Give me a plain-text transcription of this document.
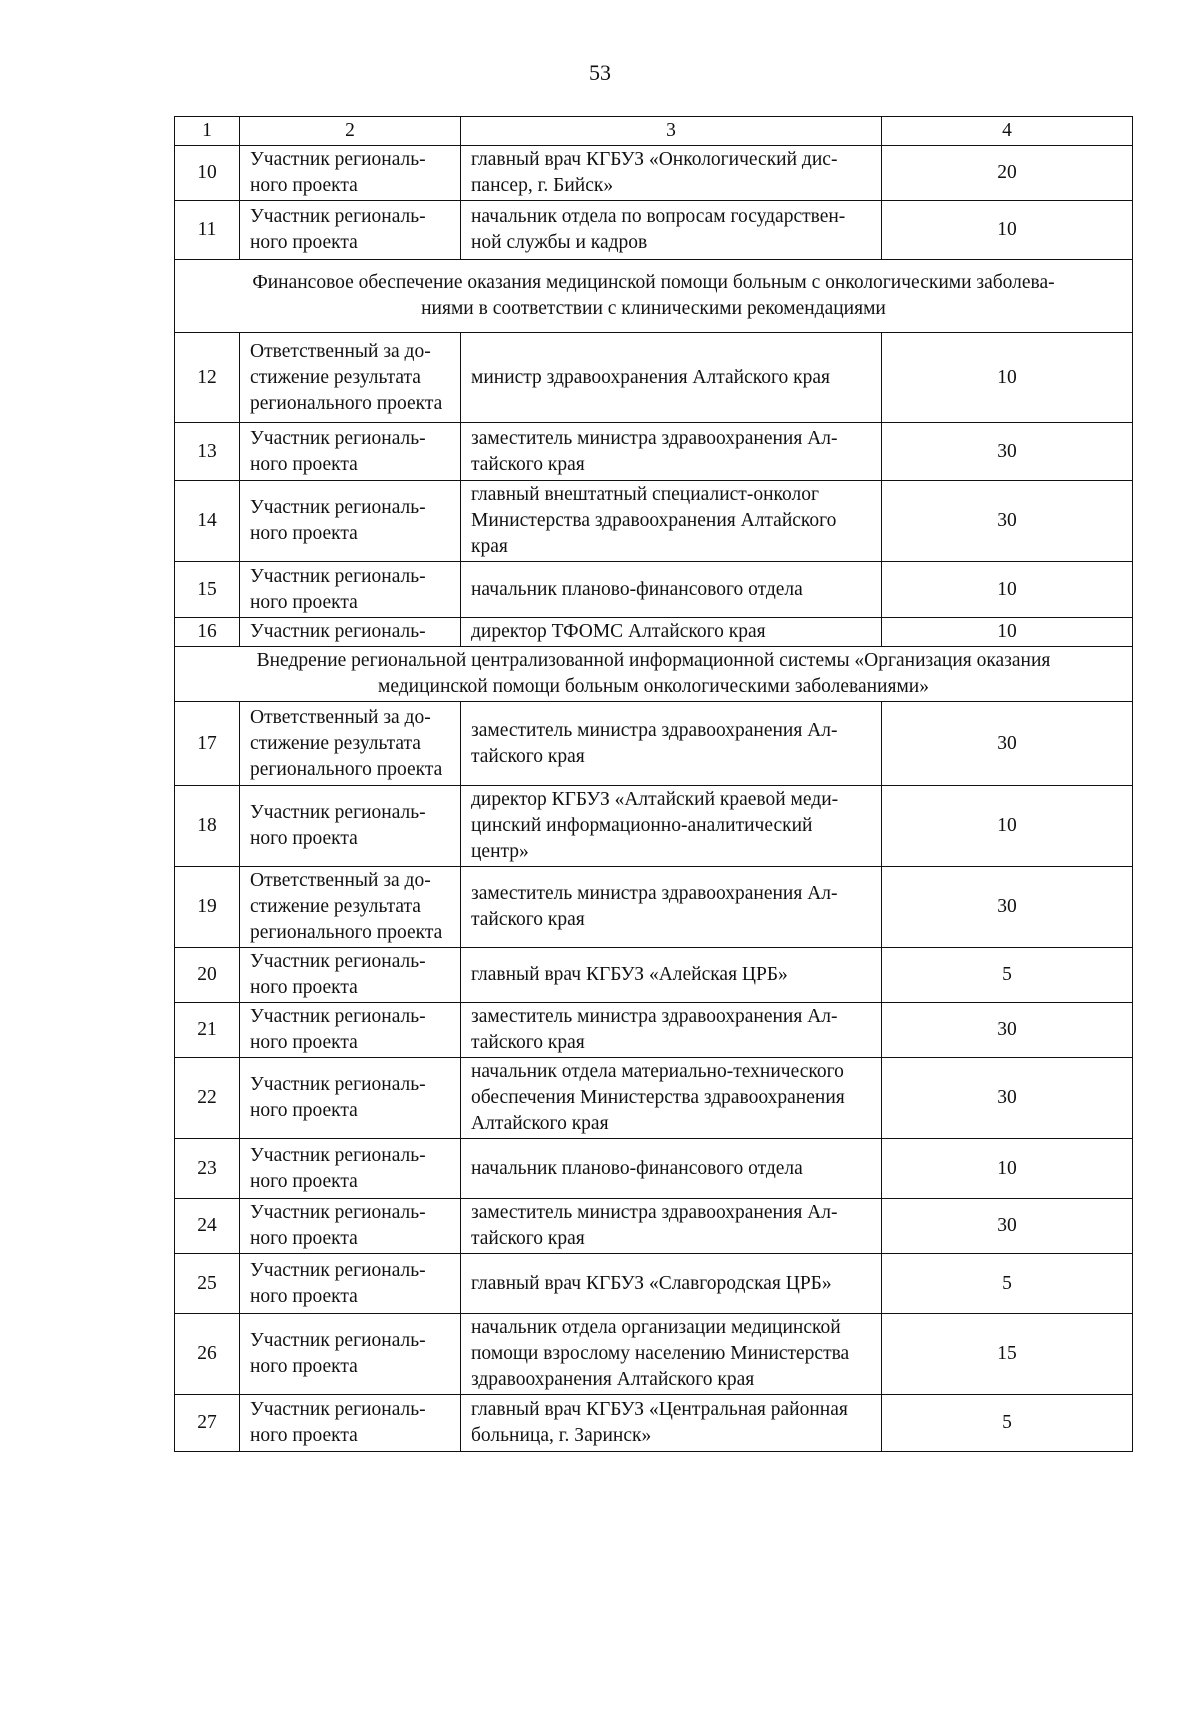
53
1	2	3	4
10	Участник региональ-
ного проекта	главный врач КГБУЗ «Онкологический дис-
пансер, г. Бийск»	20
11	Участник региональ-
ного проекта	начальник отдела по вопросам государствен-
ной службы и кадров	10
Финансовое обеспечение оказания медицинской помощи больным с онкологическими заболева-
ниями в соответствии с клиническими рекомендациями			
12	Ответственный за до-
стижение результата
регионального проекта	министр здравоохранения Алтайского края	10
13	Участник региональ-
ного проекта	заместитель министра здравоохранения Ал-
тайского края	30
14	Участник региональ-
ного проекта	главный внештатный специалист-онколог
Министерства здравоохранения Алтайского
края	30
15	Участник региональ-
ного проекта	начальник планово-финансового отдела	10
16	Участник региональ-	директор ТФОМС Алтайского края	10
Внедрение региональной централизованной информационной системы «Организация оказания
медицинской помощи больным онкологическими заболеваниями»			
17	Ответственный за до-
стижение результата
регионального проекта	заместитель министра здравоохранения Ал-
тайского края	30
18	Участник региональ-
ного проекта	директор КГБУЗ «Алтайский краевой меди-
цинский информационно-аналитический
центр»	10
19	Ответственный за до-
стижение результата
регионального проекта	заместитель министра здравоохранения Ал-
тайского края	30
20	Участник региональ-
ного проекта	главный врач КГБУЗ «Алейская ЦРБ»	5
21	Участник региональ-
ного проекта	заместитель министра здравоохранения Ал-
тайского края	30
22	Участник региональ-
ного проекта	начальник отдела материально-технического
обеспечения Министерства здравоохранения
Алтайского края	30
23	Участник региональ-
ного проекта	начальник планово-финансового отдела	10
24	Участник региональ-
ного проекта	заместитель министра здравоохранения Ал-
тайского края	30
25	Участник региональ-
ного проекта	главный врач КГБУЗ «Славгородская ЦРБ»	5
26	Участник региональ-
ного проекта	начальник отдела организации медицинской
помощи взрослому населению Министерства
здравоохранения Алтайского края	15
27	Участник региональ-
ного проекта	главный врач КГБУЗ «Центральная районная
больница, г. Заринск»	5
